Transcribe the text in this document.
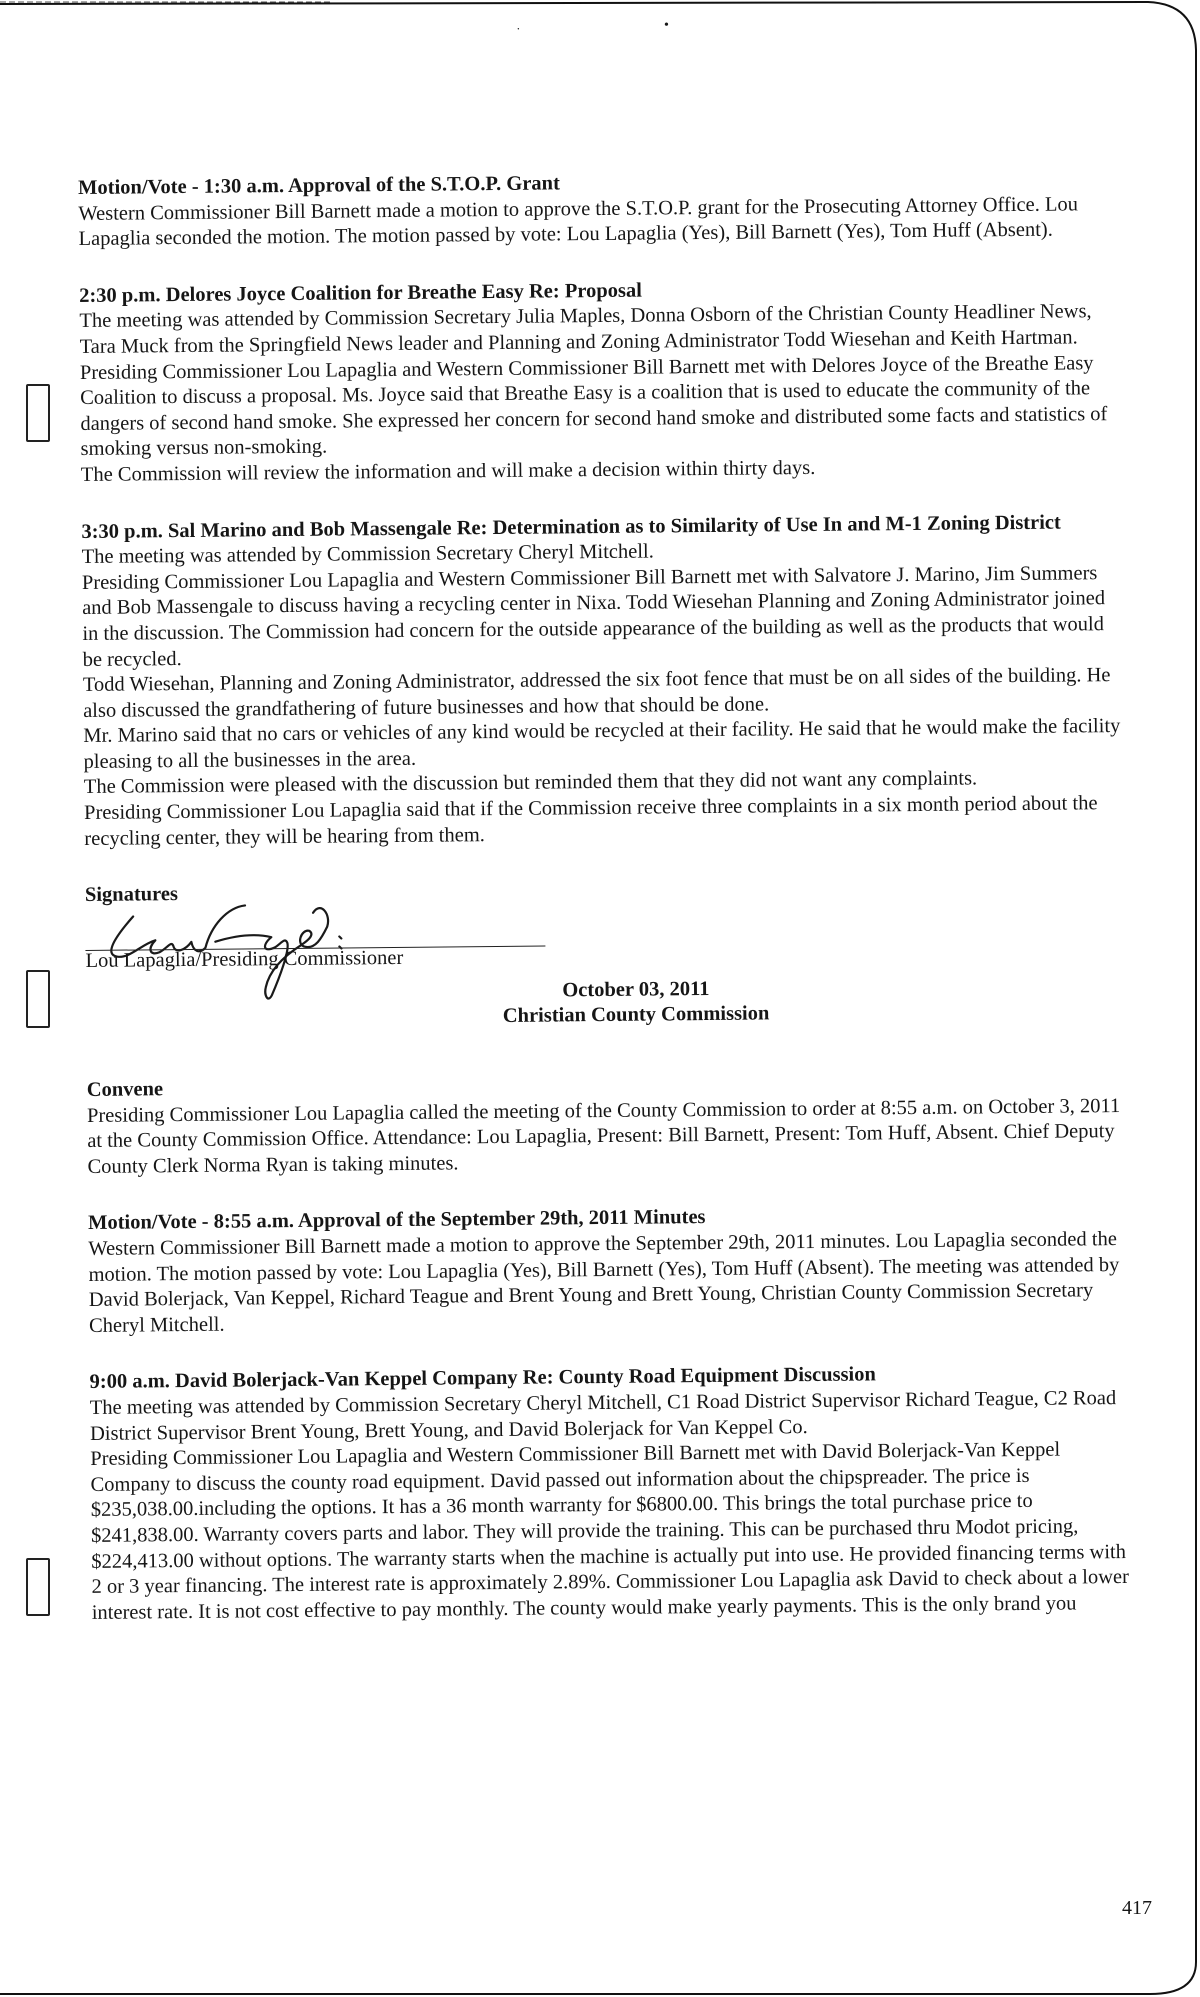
˙
•
Motion/Vote - 1:30 a.m. Approval of the S.T.O.P. Grant

Western Commissioner Bill Barnett made a motion to approve the S.T.O.P. grant for the Prosecuting Attorney Office. Lou Lapaglia seconded the motion. The motion passed by vote: Lou Lapaglia (Yes), Bill Barnett (Yes), Tom Huff (Absent).

2:30 p.m. Delores Joyce Coalition for Breathe Easy Re: Proposal

The meeting was attended by Commission Secretary Julia Maples, Donna Osborn of the Christian County Headliner News, Tara Muck from the Springfield News leader and Planning and Zoning Administrator Todd Wiesehan and Keith Hartman.

Presiding Commissioner Lou Lapaglia and Western Commissioner Bill Barnett met with Delores Joyce of the Breathe Easy Coalition to discuss a proposal. Ms. Joyce said that Breathe Easy is a coalition that is used to educate the community of the dangers of second hand smoke. She expressed her concern for second hand smoke and distributed some facts and statistics of smoking versus non-smoking.

The Commission will review the information and will make a decision within thirty days.

3:30 p.m. Sal Marino and Bob Massengale Re: Determination as to Similarity of Use In and M-1 Zoning District

The meeting was attended by Commission Secretary Cheryl Mitchell.

Presiding Commissioner Lou Lapaglia and Western Commissioner Bill Barnett met with Salvatore J. Marino, Jim Summers and Bob Massengale to discuss having a recycling center in Nixa. Todd Wiesehan Planning and Zoning Administrator joined in the discussion. The Commission had concern for the outside appearance of the building as well as the products that would be recycled.

Todd Wiesehan, Planning and Zoning Administrator, addressed the six foot fence that must be on all sides of the building. He also discussed the grandfathering of future businesses and how that should be done.

Mr. Marino said that no cars or vehicles of any kind would be recycled at their facility. He said that he would make the facility pleasing to all the businesses in the area.

The Commission were pleased with the discussion but reminded them that they did not want any complaints.

Presiding Commissioner Lou Lapaglia said that if the Commission receive three complaints in a six month period about the recycling center, they will be hearing from them.

Signatures
Lou Lapaglia/Presiding Commissioner
October 03, 2011
Christian County Commission
Convene

Presiding Commissioner Lou Lapaglia called the meeting of the County Commission to order at 8:55 a.m. on October 3, 2011 at the County Commission Office. Attendance: Lou Lapaglia, Present: Bill Barnett, Present: Tom Huff, Absent. Chief Deputy County Clerk Norma Ryan is taking minutes.

Motion/Vote - 8:55 a.m. Approval of the September 29th, 2011 Minutes

Western Commissioner Bill Barnett made a motion to approve the September 29th, 2011 minutes. Lou Lapaglia seconded the motion. The motion passed by vote: Lou Lapaglia (Yes), Bill Barnett (Yes), Tom Huff (Absent). The meeting was attended by David Bolerjack, Van Keppel, Richard Teague and Brent Young and Brett Young, Christian County Commission Secretary Cheryl Mitchell.

9:00 a.m. David Bolerjack-Van Keppel Company Re: County Road Equipment Discussion

The meeting was attended by Commission Secretary Cheryl Mitchell, C1 Road District Supervisor Richard Teague, C2 Road District Supervisor Brent Young, Brett Young, and David Bolerjack for Van Keppel Co.

Presiding Commissioner Lou Lapaglia and Western Commissioner Bill Barnett met with David Bolerjack-Van Keppel Company to discuss the county road equipment. David passed out information about the chipspreader. The price is $235,038.00.including the options. It has a 36 month warranty for $6800.00. This brings the total purchase price to $241,838.00. Warranty covers parts and labor. They will provide the training. This can be purchased thru Modot pricing, $224,413.00 without options. The warranty starts when the machine is actually put into use. He provided financing terms with 2 or 3 year financing. The interest rate is approximately 2.89%. Commissioner Lou Lapaglia ask David to check about a lower interest rate. It is not cost effective to pay monthly. The county would make yearly payments. This is the only brand you

417
